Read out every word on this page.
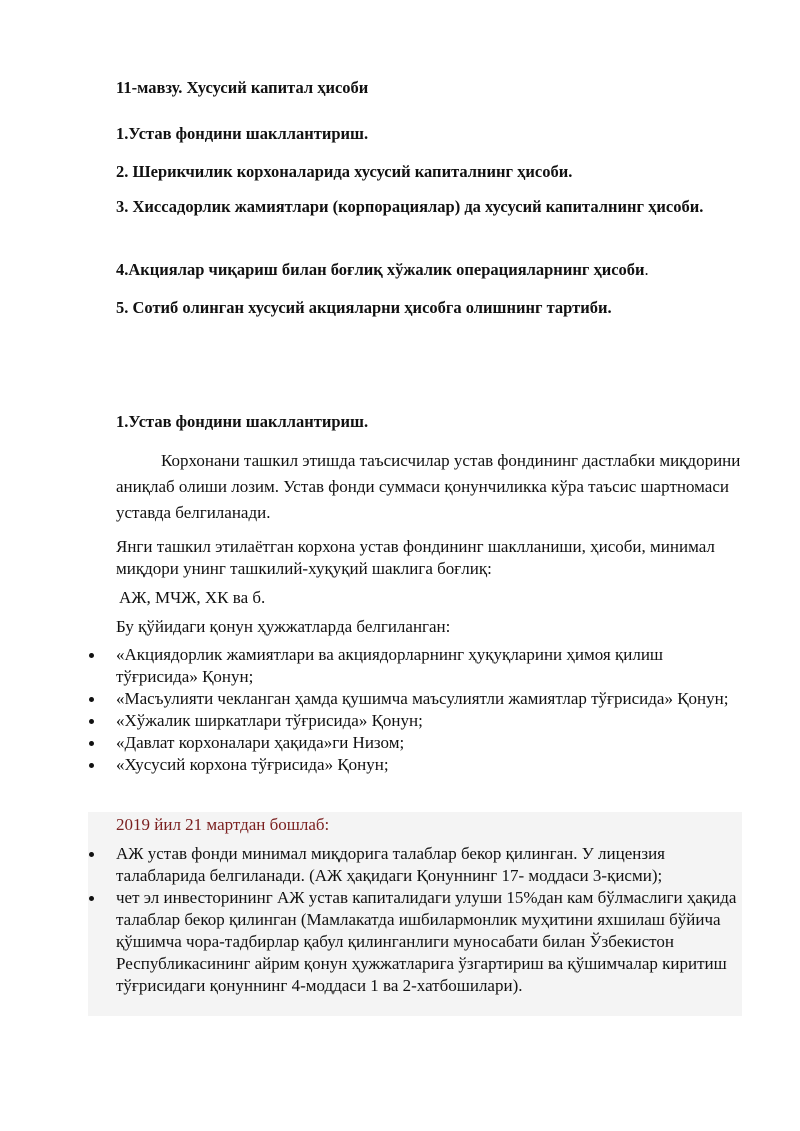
11-мавзу. Хусусий капитал ҳисоби

1.Устав фондини шакллантириш.

2. Шерикчилик корхоналарида хусусий капиталнинг ҳисоби.

3. Хиссадорлик жамиятлари (корпорациялар) да хусусий капиталнинг ҳисоби.

4.Акциялар чиқариш билан боғлиқ хўжалик операцияларнинг ҳисоби.

5. Сотиб олинган хусусий акцияларни ҳисобга олишнинг тартиби.

1.Устав фондини шакллантириш.

Корхонани ташкил этишда таъсисчилар устав фондининг дастлабки миқдорини аниқлаб олиши лозим. Устав фонди суммаси қонунчиликка кўра таъсис шартномаси уставда белгиланади.

Янги ташкил этилаётган корхона устав фондининг шаклланиши, ҳисоби, минимал миқдори унинг ташкилий-хуқуқий шаклига боғлиқ:

АЖ, МЧЖ, ХК ва б.

Бу қўйидаги қонун ҳужжатларда белгиланган:

«Акциядорлик жамиятлари ва акциядорларнинг ҳуқуқларини ҳимоя қилиш тўғрисида» Қонун;
«Масъулияти чекланган ҳамда қушимча маъсулиятли жамиятлар тўғрисида» Қонун;
«Хўжалик ширкатлари тўғрисида» Қонун;
«Давлат корхоналари ҳақида»ги Низом;
«Хусусий корхона тўғрисида» Қонун;

2019 йил 21 мартдан бошлаб:

АЖ устав фонди минимал миқдорига талаблар бекор қилинган. У лицензия талабларида белгиланади. (АЖ ҳақидаги Қонуннинг 17- моддаси 3-қисми);
чет эл инвесторининг АЖ устав капиталидаги улуши 15%дан кам бўлмаслиги ҳақида талаблар бекор қилинган (Мамлакатда ишбилармонлик муҳитини яхшилаш бўйича қўшимча чора-тадбирлар қабул қилинганлиги муносабати билан Ўзбекистон Республикасининг айрим қонун ҳужжатларига ўзгартириш ва қўшимчалар киритиш тўғрисидаги қонуннинг 4-моддаси 1 ва 2-хатбошилари).
